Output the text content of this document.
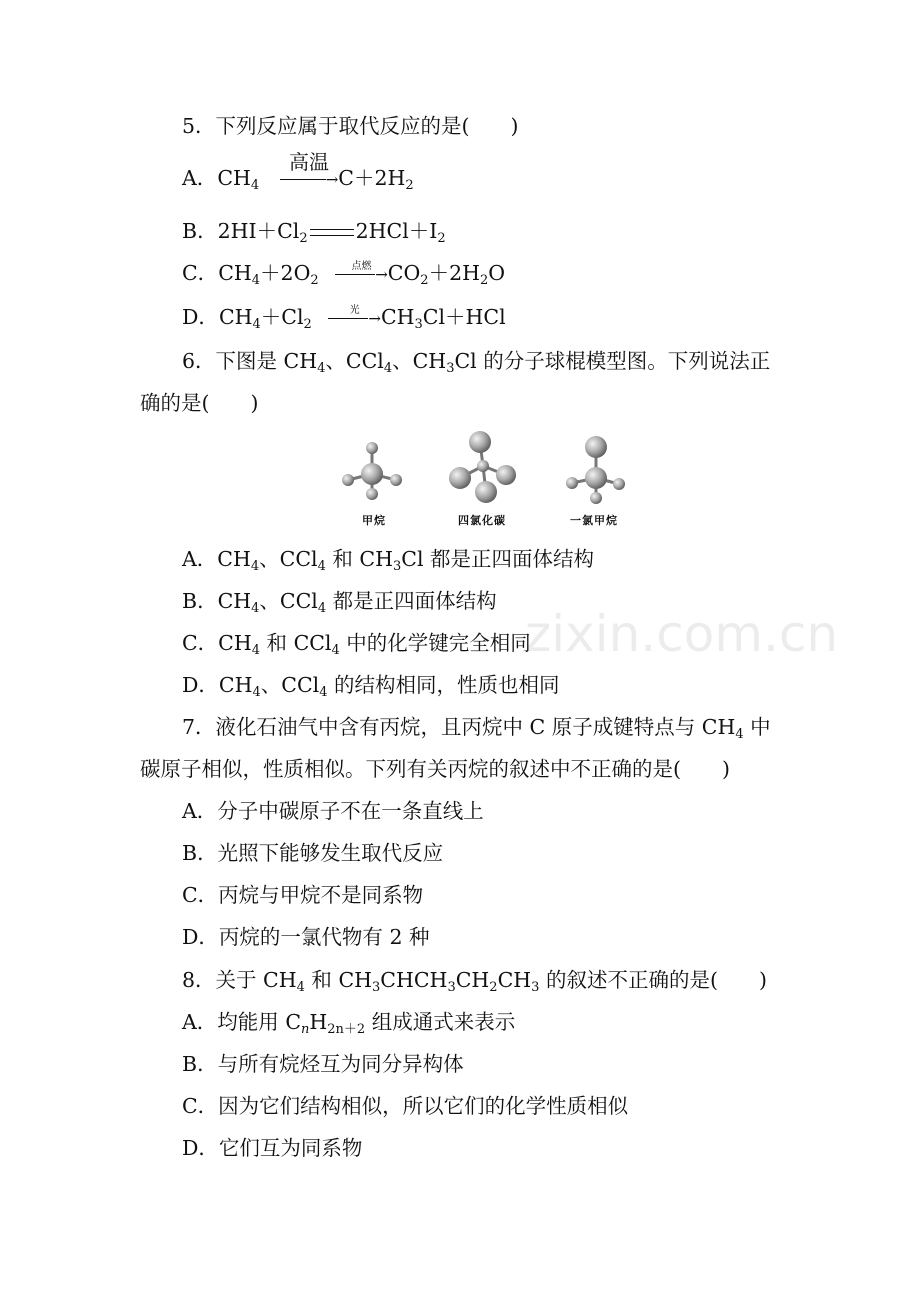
5．下列反应属于取代反应的是(　　)
A．$CH_4$
高温
$\to C+2H_2$
B．$2HI+Cl_2$ $2HCl+I_2$
C．$CH_4+2O_2$
点燃 $\to CO_2+2H_2O$
D．$CH_4+Cl_2$
光 $\to CH_3Cl+HCl$
6．下图是 $CH_4$、CCl$_4$、$CH_3Cl$ 的分子球棍模型图。下列说法正
确的是(　　)
甲烷	四氯化碳	一氯甲烷
A．$CH_4$、CCl$_4$ 和 $CH_3Cl$ 都是正四面体结构
B．$CH_4$、CCl$_4$ 都是正四面体结构
C．$CH_4$ 和 CCl$_4$ 中的化学键完全相同
D．$CH_4$、CCl$_4$ 的结构相同，性质也相同
zixin.com.cn
7．液化石油气中含有丙烷，且丙烷中 C 原子成键特点与 $CH_4$ 中
碳原子相似，性质相似。下列有关丙烷的叙述中不正确的是(　　)
A．分子中碳原子不在一条直线上
B．光照下能够发生取代反应
C．丙烷与甲烷不是同系物
D．丙烷的一氯代物有 2 种
8．关于 $CH_4$ 和 $CH_3CHCH_3CH_2CH_3$ 的叙述不正确的是(　　)
A．均能用 $C_nH_{2n+2}$ 组成通式来表示
B．与所有烷烃互为同分异构体
C．因为它们结构相似，所以它们的化学性质相似
D．它们互为同系物
